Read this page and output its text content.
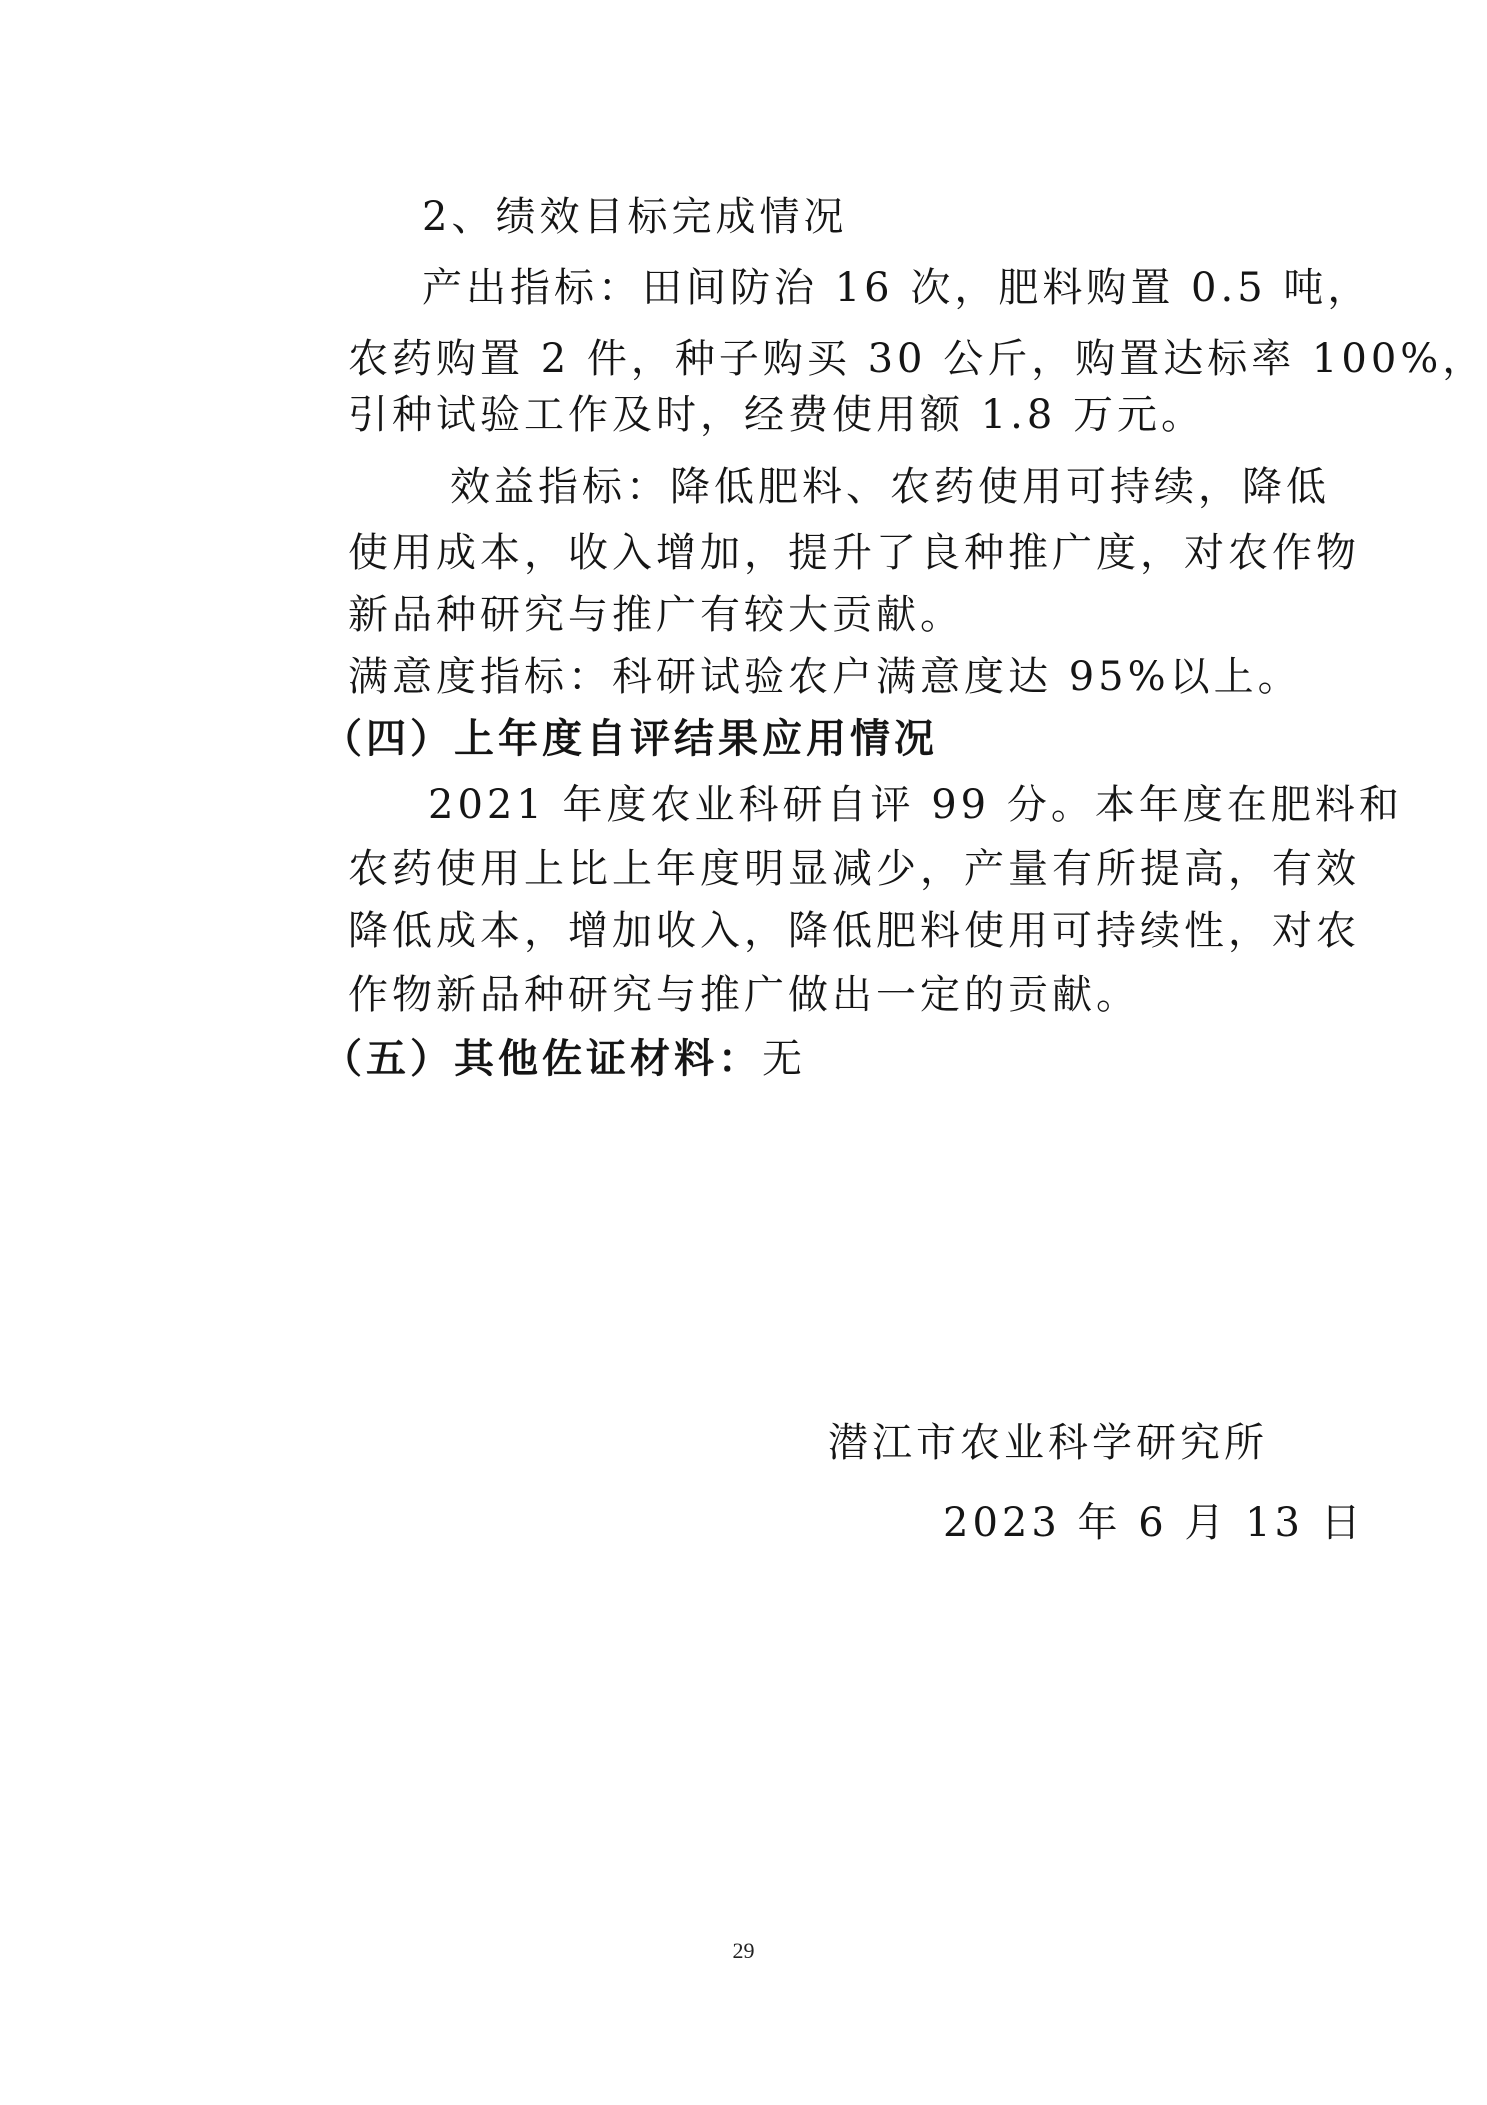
2、绩效目标完成情况
产出指标：田间防治 16 次，肥料购置 0.5 吨，
农药购置 2 件，种子购买 30 公斤，购置达标率 100%，
引种试验工作及时，经费使用额 1.8 万元。
效益指标：降低肥料、农药使用可持续，降低
使用成本，收入增加，提升了良种推广度，对农作物
新品种研究与推广有较大贡献。
满意度指标：科研试验农户满意度达 95%以上。
（四）上年度自评结果应用情况
2021 年度农业科研自评 99 分。本年度在肥料和
农药使用上比上年度明显减少，产量有所提高，有效
降低成本，增加收入，降低肥料使用可持续性，对农
作物新品种研究与推广做出一定的贡献。
（五）其他佐证材料：无
潜江市农业科学研究所
2023 年 6 月 13 日
29
